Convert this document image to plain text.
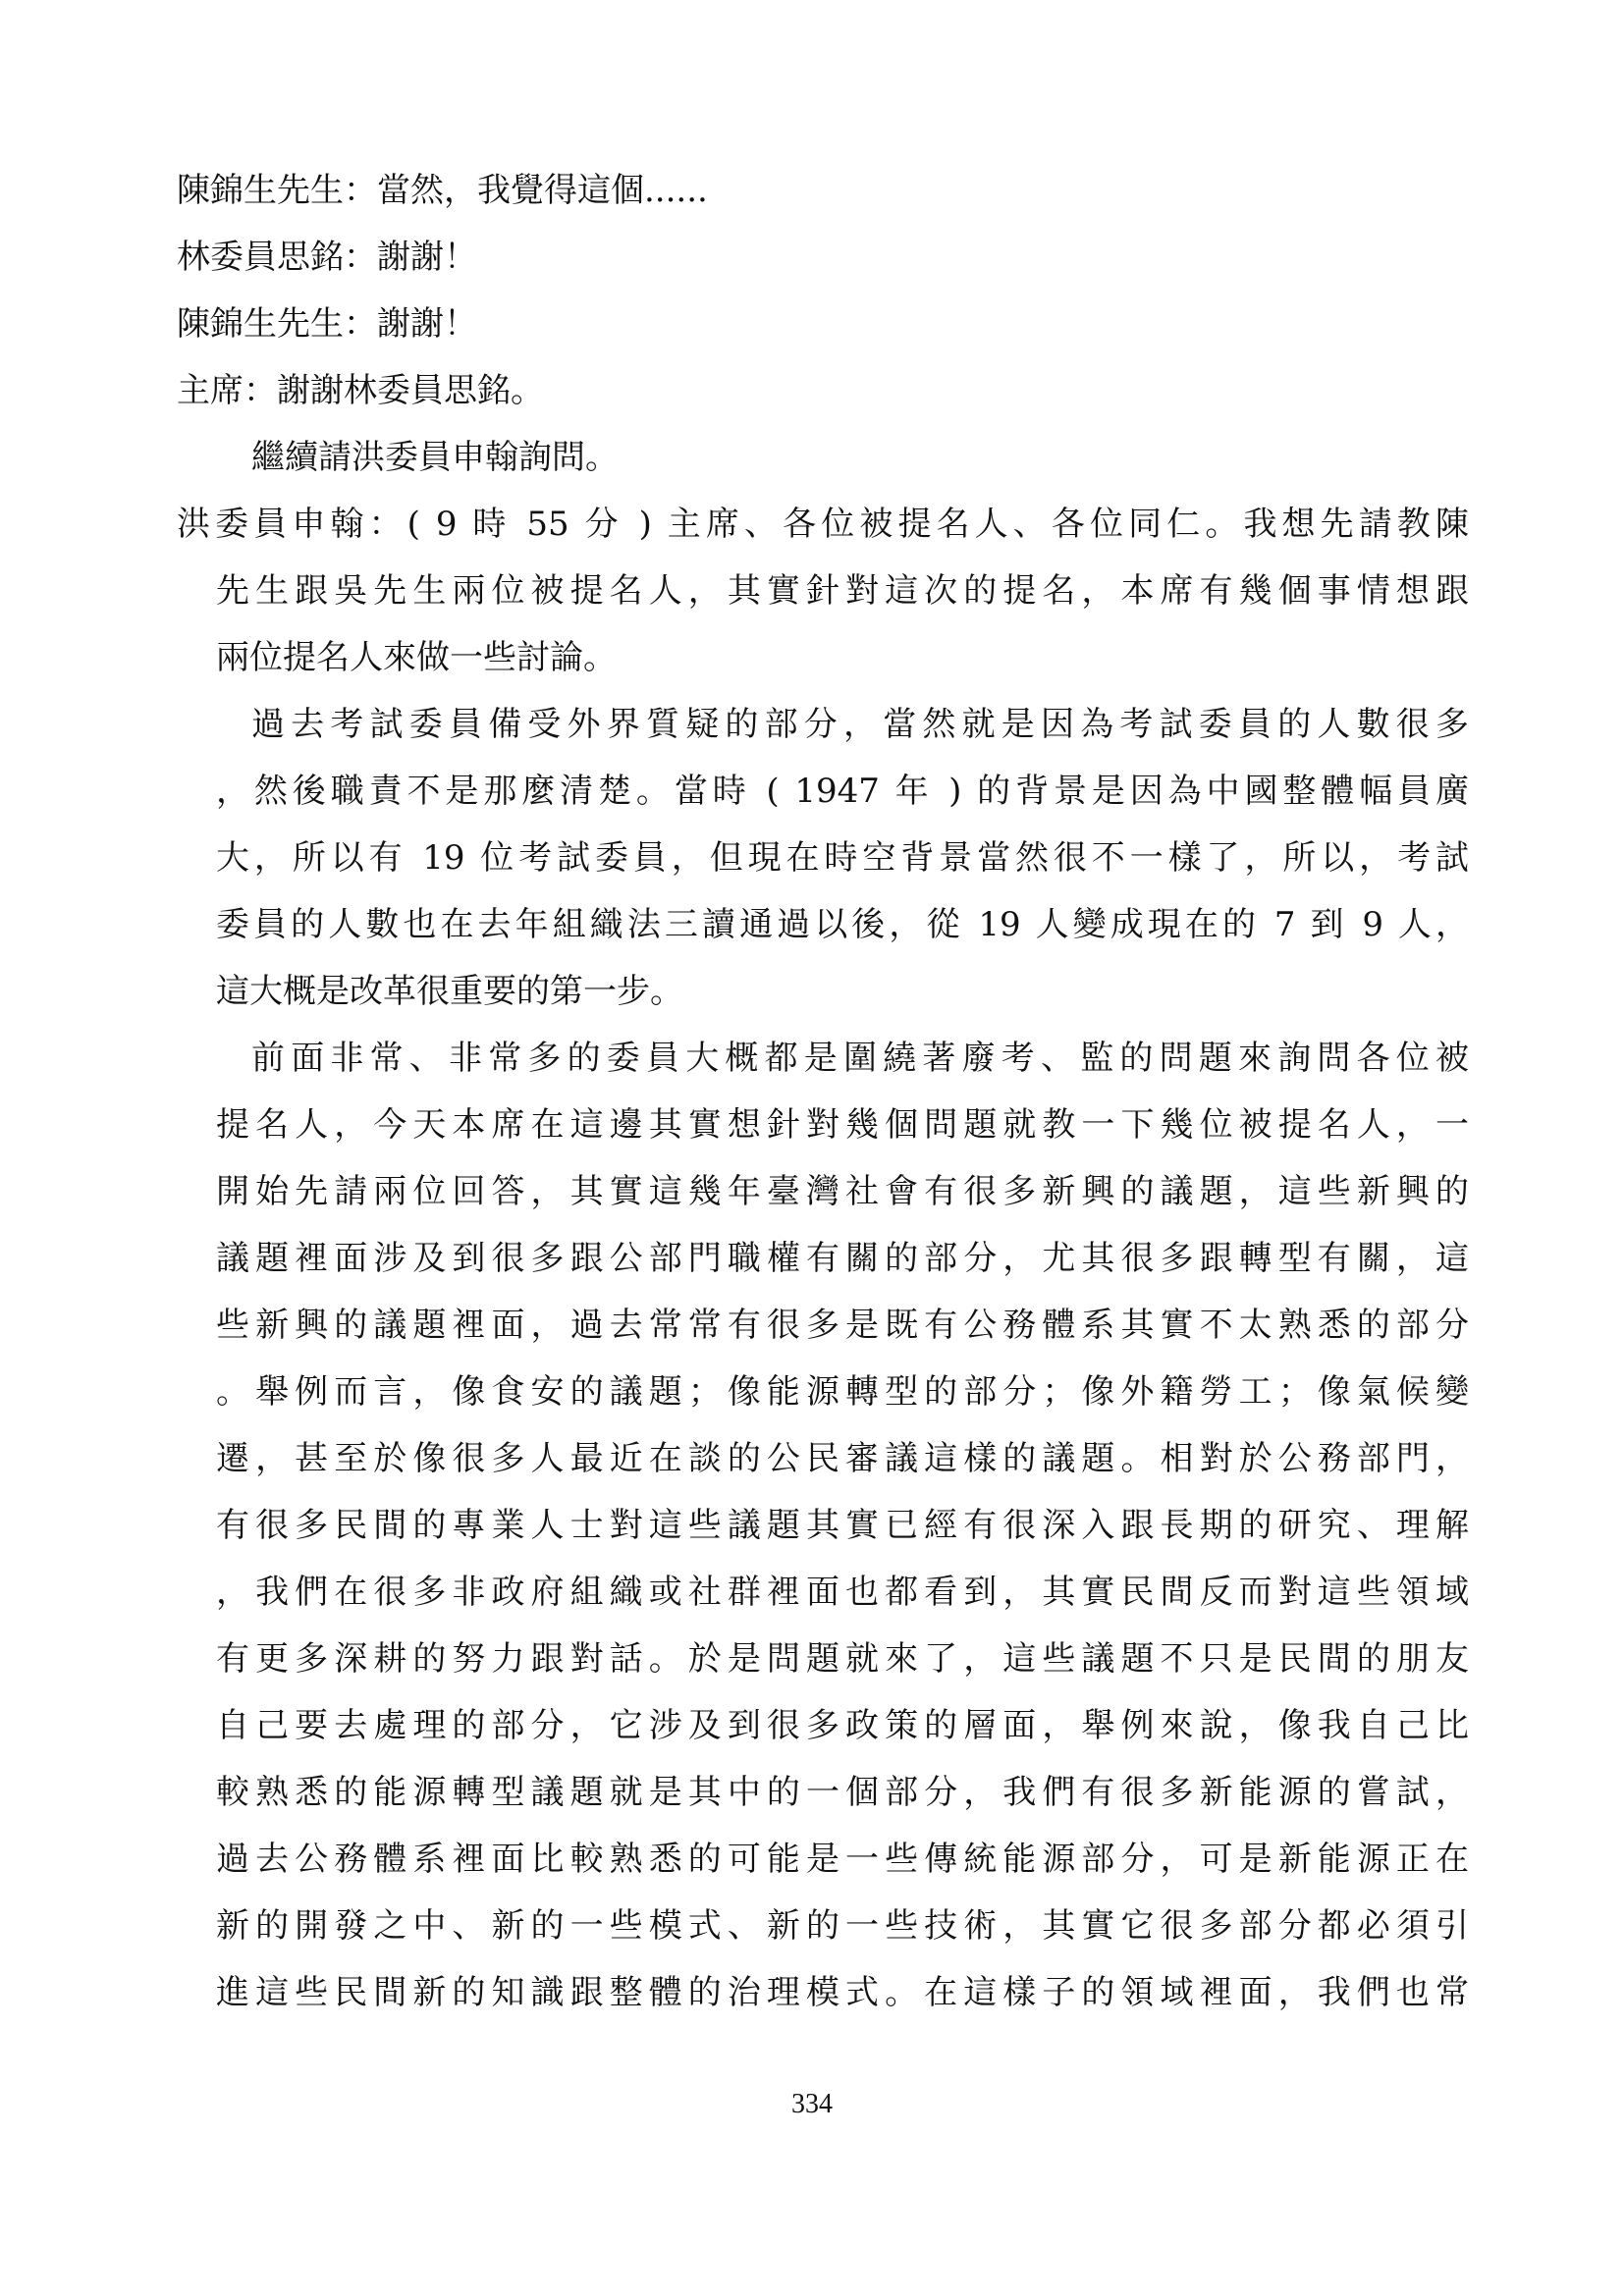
陳錦生先生：當然，我覺得這個......
林委員思銘：謝謝！
陳錦生先生：謝謝！
主席：謝謝林委員思銘。
繼續請洪委員申翰詢問。
洪委員申翰：( 9 時 55 分 ) 主席、各位被提名人、各位同仁。我想先請教陳
先生跟吳先生兩位被提名人，其實針對這次的提名，本席有幾個事情想跟
兩位提名人來做一些討論。
過去考試委員備受外界質疑的部分，當然就是因為考試委員的人數很多
，然後職責不是那麼清楚。當時 ( 1947 年 ) 的背景是因為中國整體幅員廣
大，所以有 19 位考試委員，但現在時空背景當然很不一樣了，所以，考試
委員的人數也在去年組織法三讀通過以後，從 19 人變成現在的 7 到 9 人，
這大概是改革很重要的第一步。
前面非常、非常多的委員大概都是圍繞著廢考、監的問題來詢問各位被
提名人，今天本席在這邊其實想針對幾個問題就教一下幾位被提名人，一
開始先請兩位回答，其實這幾年臺灣社會有很多新興的議題，這些新興的
議題裡面涉及到很多跟公部門職權有關的部分，尤其很多跟轉型有關，這
些新興的議題裡面，過去常常有很多是既有公務體系其實不太熟悉的部分
。舉例而言，像食安的議題；像能源轉型的部分；像外籍勞工；像氣候變
遷，甚至於像很多人最近在談的公民審議這樣的議題。相對於公務部門，
有很多民間的專業人士對這些議題其實已經有很深入跟長期的研究、理解
，我們在很多非政府組織或社群裡面也都看到，其實民間反而對這些領域
有更多深耕的努力跟對話。於是問題就來了，這些議題不只是民間的朋友
自己要去處理的部分，它涉及到很多政策的層面，舉例來說，像我自己比
較熟悉的能源轉型議題就是其中的一個部分，我們有很多新能源的嘗試，
過去公務體系裡面比較熟悉的可能是一些傳統能源部分，可是新能源正在
新的開發之中、新的一些模式、新的一些技術，其實它很多部分都必須引
進這些民間新的知識跟整體的治理模式。在這樣子的領域裡面，我們也常
334
